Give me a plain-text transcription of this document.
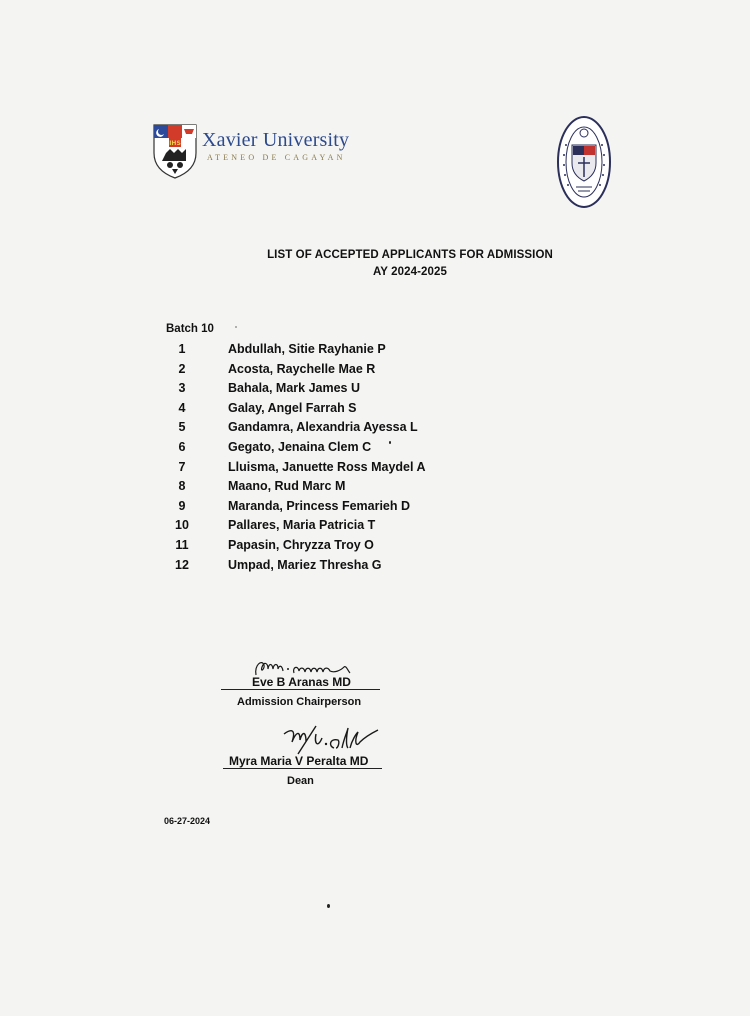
IHS Xavier University
ATENEO DE CAGAYAN
LIST OF ACCEPTED APPLICANTS FOR ADMISSION
AY 2024-2025
Batch 10
1	Abdullah, Sitie Rayhanie P
2	Acosta, Raychelle Mae R
3	Bahala, Mark James U
4	Galay, Angel Farrah S
5	Gandamra, Alexandria Ayessa L
6	Gegato, Jenaina Clem C
7	Lluisma, Januette Ross Maydel A
8	Maano, Rud Marc M
9	Maranda, Princess Femarieh D
10	Pallares, Maria Patricia T
11	Papasin, Chryzza Troy O
12	Umpad, Mariez Thresha G
Eve B Aranas MD
Admission Chairperson
Myra Maria V Peralta MD
Dean
06-27-2024
